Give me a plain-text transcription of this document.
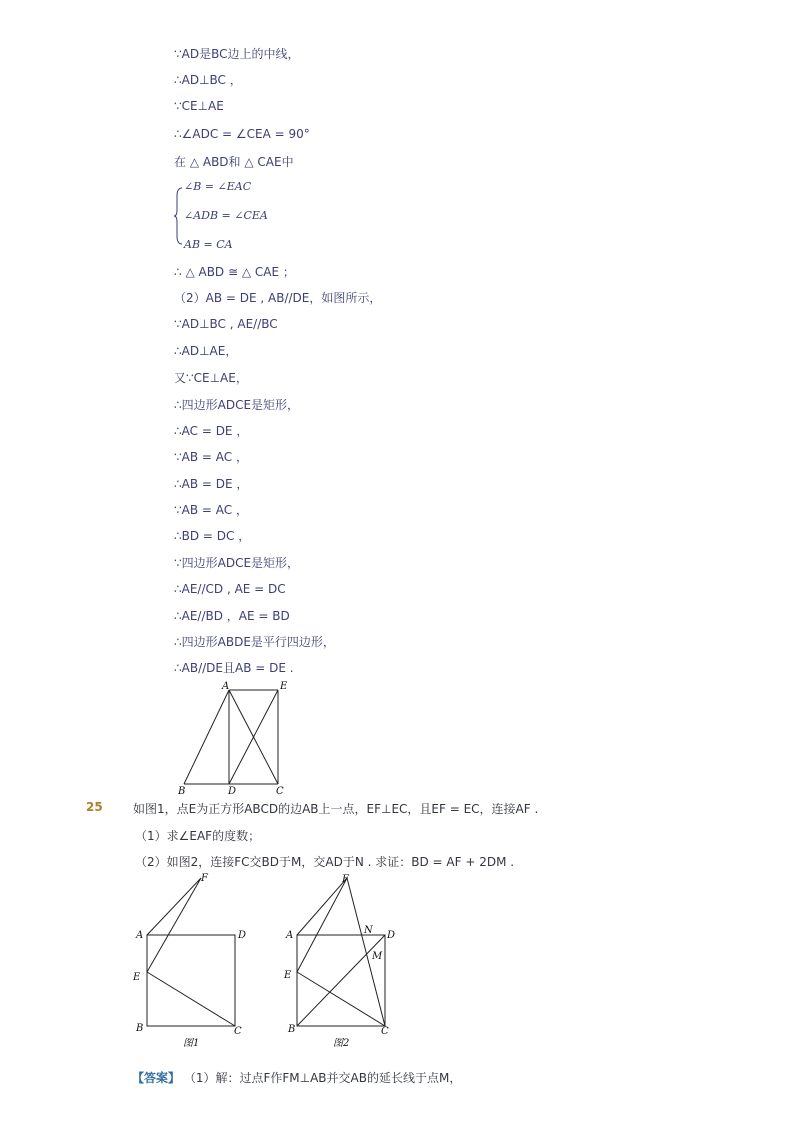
∵AD是BC边上的中线，
∴AD⊥BC ，
∵CE⊥AE
∴∠ADC = ∠CEA = 90°
在 △ ABD和 △ CAE中
∠B = ∠EAC
∠ADB = ∠CEA
AB = CA
∴ △ ABD ≅ △ CAE ；
（2）AB = DE , AB//DE，如图所示，
∵AD⊥BC , AE//BC
∴AD⊥AE，
又∵CE⊥AE，
∴四边形ADCE是矩形，
∴AC = DE ，
∵AB = AC ，
∴AB = DE ，
∵AB = AC ，
∴BD = DC ，
∵四边形ADCE是矩形，
∴AE//CD , AE = DC
∴AE//BD ，AE = BD
∴四边形ABDE是平行四边形，
∴AB//DE且AB = DE .
A	E
B	D	C
25	如图1，点E为正方形ABCD的边AB上一点，EF⊥EC，且EF = EC，连接AF .
（1）求∠EAF的度数；
（2）如图2，连接FC交BD于M，交AD于N . 求证：BD = AF + 2DM .
F
A	D
E
B	C
图1
F
A	N D
M
E
B	C
图2
【答案】 （1）解：过点F作FM⊥AB并交AB的延长线于点M，
